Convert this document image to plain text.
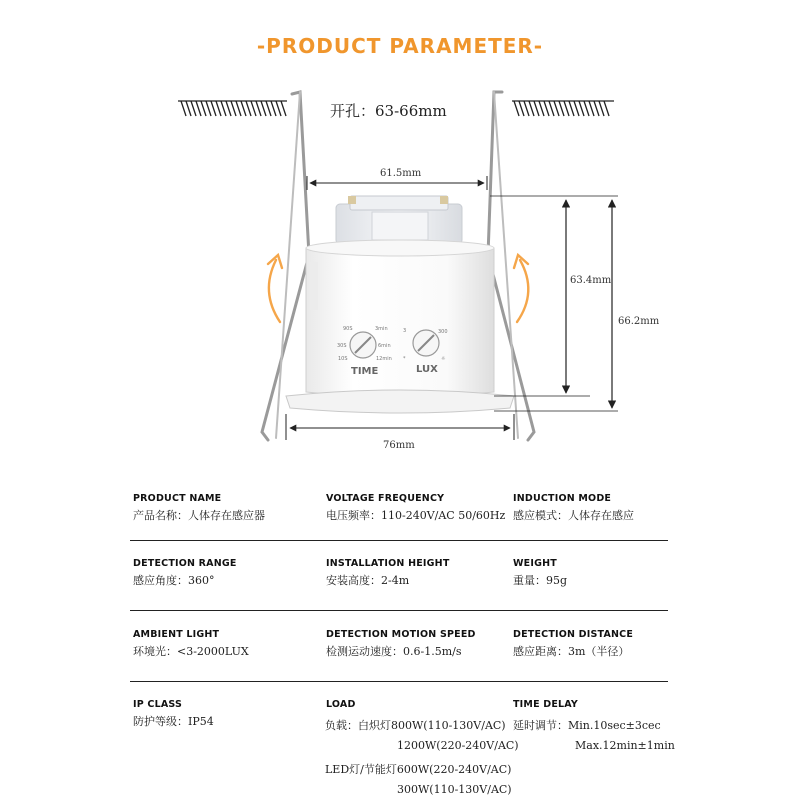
-PRODUCT PARAMETER-
开孔：63-66mm
90S	3min
30S	6min
10S	12min
TIME
3	300
*	☼
LUX
61.5mm
63.4mm
66.2mm
76mm
PRODUCT NAME
产品名称：人体存在感应器
VOLTAGE FREQUENCY
电压频率：110-240V/AC 50/60Hz
INDUCTION MODE
感应模式：人体存在感应
DETECTION RANGE
感应角度：360°
INSTALLATION HEIGHT
安装高度：2-4m
WEIGHT
重量：95g
AMBIENT LIGHT
环境光：<3-2000LUX
DETECTION MOTION SPEED
检测运动速度：0.6-1.5m/s
DETECTION DISTANCE
感应距离：3m（半径）
IP CLASS
防护等级：IP54
LOAD
负载：白炽灯800W(110-130V/AC)
1200W(220-240V/AC)
LED灯/节能灯600W(220-240V/AC)
300W(110-130V/AC)
TIME DELAY
延时调节：Min.10sec±3cec
Max.12min±1min
